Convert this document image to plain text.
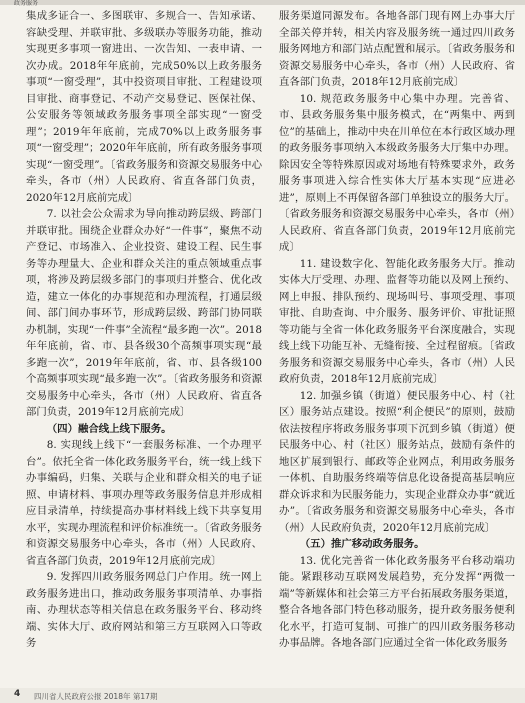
政务服务

集成多证合一、多图联审、多规合一、告知承诺、容缺受理、并联审批、多级联办等服务功能，推动实现更多事项一窗进出、一次告知、一表申请、一次办成。2018年年底前，完成50%以上政务服务事项“一窗受理”，其中投资项目审批、工程建设项目审批、商事登记、不动产交易登记、医保社保、公安服务等领域政务服务事项全部实现“一窗受理”；2019年年底前，完成70%以上政务服务事项“一窗受理”；2020年年底前，所有政务服务事项实现“一窗受理”。〔省政务服务和资源交易服务中心牵头，各市（州）人民政府、省直各部门负责，2020年12月底前完成〕

7. 以社会公众需求为导向推动跨层级、跨部门并联审批。围绕企业群众办好“一件事”，聚焦不动产登记、市场准入、企业投资、建设工程、民生事务等办理量大、企业和群众关注的重点领域重点事项，将涉及跨层级多部门的事项归并整合、优化改造，建立一体化的办事规范和办理流程，打通层级间、部门间办事环节，形成跨层级、跨部门协同联办机制，实现“一件事”全流程“最多跑一次”。2018年年底前，省、市、县各级30个高频事项实现“最多跑一次”，2019年年底前，省、市、县各级100个高频事项实现“最多跑一次”。〔省政务服务和资源交易服务中心牵头，各市（州）人民政府、省直各部门负责，2019年12月底前完成〕

（四）融合线上线下服务。

8. 实现线上线下“一套服务标准、一个办理平台”。依托全省一体化政务服务平台，统一线上线下办事编码，归集、关联与企业和群众相关的电子证照、申请材料、事项办理等政务服务信息并形成相应目录清单，持续提高办事材料线上线下共享复用水平，实现办理流程和评价标准统一。〔省政务服务和资源交易服务中心牵头，各市（州）人民政府、省直各部门负责，2019年12月底前完成〕

9. 发挥四川政务服务网总门户作用。统一网上政务服务进出口，推动政务服务事项清单、办事指南、办理状态等相关信息在政务服务平台、移动终端、实体大厅、政府网站和第三方互联网入口等政务

服务渠道同源发布。各地各部门现有网上办事大厅全部关停并转，相关内容及服务统一通过四川政务服务网地方和部门站点配置和展示。〔省政务服务和资源交易服务中心牵头，各市（州）人民政府、省直各部门负责，2018年12月底前完成〕

10. 规范政务服务中心集中办理。完善省、市、县政务服务集中服务模式，在“两集中、两到位”的基础上，推动中央在川单位在本行政区域办理的政务服务事项纳入本级政务服务大厅集中办理。除因安全等特殊原因或对场地有特殊要求外，政务服务事项进入综合性实体大厅基本实现“应进必进”，原则上不再保留各部门单独设立的服务大厅。〔省政务服务和资源交易服务中心牵头，各市（州）人民政府、省直各部门负责，2019年12月底前完成〕

11. 建设数字化、智能化政务服务大厅。推动实体大厅受理、办理、监督等功能以及网上预约、网上申报、排队预约、现场叫号、事项受理、事项审批、自助查询、中介服务、服务评价、审批证照等功能与全省一体化政务服务平台深度融合，实现线上线下功能互补、无缝衔接、全过程留痕。〔省政务服务和资源交易服务中心牵头，各市（州）人民政府负责，2018年12月底前完成〕

12. 加强乡镇（街道）便民服务中心、村（社区）服务站点建设。按照“利企便民”的原则，鼓励依法按程序将政务服务事项下沉到乡镇（街道）便民服务中心、村（社区）服务站点，鼓励有条件的地区扩展到银行、邮政等企业网点，利用政务服务一体机、自助服务终端等信息化设备提高基层响应群众诉求和为民服务能力，实现企业群众办事“就近办”。〔省政务服务和资源交易服务中心牵头，各市（州）人民政府负责，2020年12月底前完成〕

（五）推广移动政务服务。

13. 优化完善省一体化政务服务平台移动端功能。紧跟移动互联网发展趋势，充分发挥“两微一端”等新媒体和社会第三方平台拓展政务服务渠道，整合各地各部门特色移动服务，提升政务服务便利化水平，打造可复制、可推广的四川政务服务移动办事品牌。各地各部门应通过全省一体化政务服务

4 四川省人民政府公报 2018年 第17期
